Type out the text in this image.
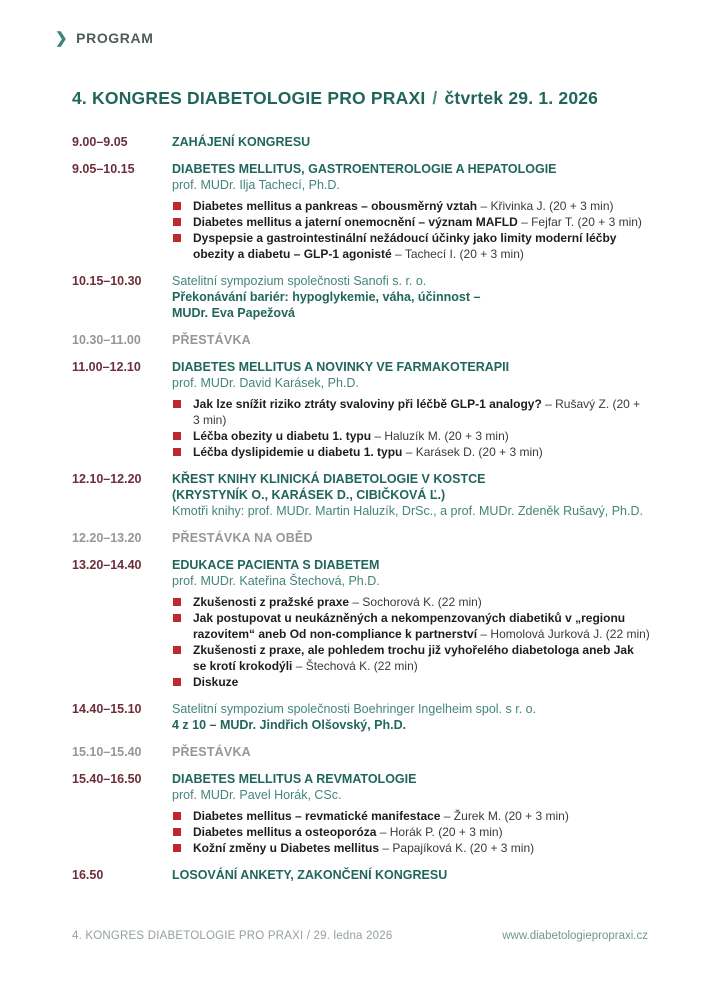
❯ PROGRAM
4. KONGRES DIABETOLOGIE PRO PRAXI / čtvrtek 29. 1. 2026
9.00–9.05	ZAHÁJENÍ KONGRESU
9.05–10.15	DIABETES MELLITUS, GASTROENTEROLOGIE A HEPATOLOGIE
prof. MUDr. Ilja Tachecí, Ph.D.
Diabetes mellitus a pankreas – obousměrný vztah – Křivinka J. (20 + 3 min)
Diabetes mellitus a jaterní onemocnění – význam MAFLD – Fejfar T. (20 + 3 min)
Dyspepsie a gastrointestinální nežádoucí účinky jako limity moderní léčby obezity a diabetu – GLP-1 agonisté – Tachecí I. (20 + 3 min)
10.15–10.30	Satelitní sympozium společnosti Sanofi s. r. o.
Překonávání bariér: hypoglykemie, váha, účinnost –
MUDr. Eva Papežová
10.30–11.00	PŘESTÁVKA
11.00–12.10	DIABETES MELLITUS A NOVINKY VE FARMAKOTERAPII
prof. MUDr. David Karásek, Ph.D.
Jak lze snížit riziko ztráty svaloviny při léčbě GLP-1 analogy? – Rušavý Z. (20 + 3 min)
Léčba obezity u diabetu 1. typu – Haluzík M. (20 + 3 min)
Léčba dyslipidemie u diabetu 1. typu – Karásek D. (20 + 3 min)
12.10–12.20	KŘEST KNIHY KLINICKÁ DIABETOLOGIE V KOSTCE
(KRYSTYNÍK O., KARÁSEK D., CIBIČKOVÁ Ľ.)
Kmotři knihy: prof. MUDr. Martin Haluzík, DrSc., a prof. MUDr. Zdeněk Rušavý, Ph.D.
12.20–13.20	PŘESTÁVKA NA OBĚD
13.20–14.40	EDUKACE PACIENTA S DIABETEM
prof. MUDr. Kateřina Štechová, Ph.D.
Zkušenosti z pražské praxe – Sochorová K. (22 min)
Jak postupovat u neukázněných a nekompenzovaných diabetiků v „regionu razovitem“ aneb Od non-compliance k partnerství – Homolová Jurková J. (22 min)
Zkušenosti z praxe, ale pohledem trochu již vyhořelého diabetologa aneb Jak se krotí krokodýli – Štechová K. (22 min)
Diskuze
14.40–15.10	Satelitní sympozium společnosti Boehringer Ingelheim spol. s r. o.
4 z 10 – MUDr. Jindřich Olšovský, Ph.D.
15.10–15.40	PŘESTÁVKA
15.40–16.50	DIABETES MELLITUS A REVMATOLOGIE
prof. MUDr. Pavel Horák, CSc.
Diabetes mellitus – revmatické manifestace – Žurek M. (20 + 3 min)
Diabetes mellitus a osteoporóza – Horák P. (20 + 3 min)
Kožní změny u Diabetes mellitus – Papajíková K. (20 + 3 min)
16.50	LOSOVÁNÍ ANKETY, ZAKONČENÍ KONGRESU
4. KONGRES DIABETOLOGIE PRO PRAXI / 29. ledna 2026	www.diabetologiepropraxi.cz
